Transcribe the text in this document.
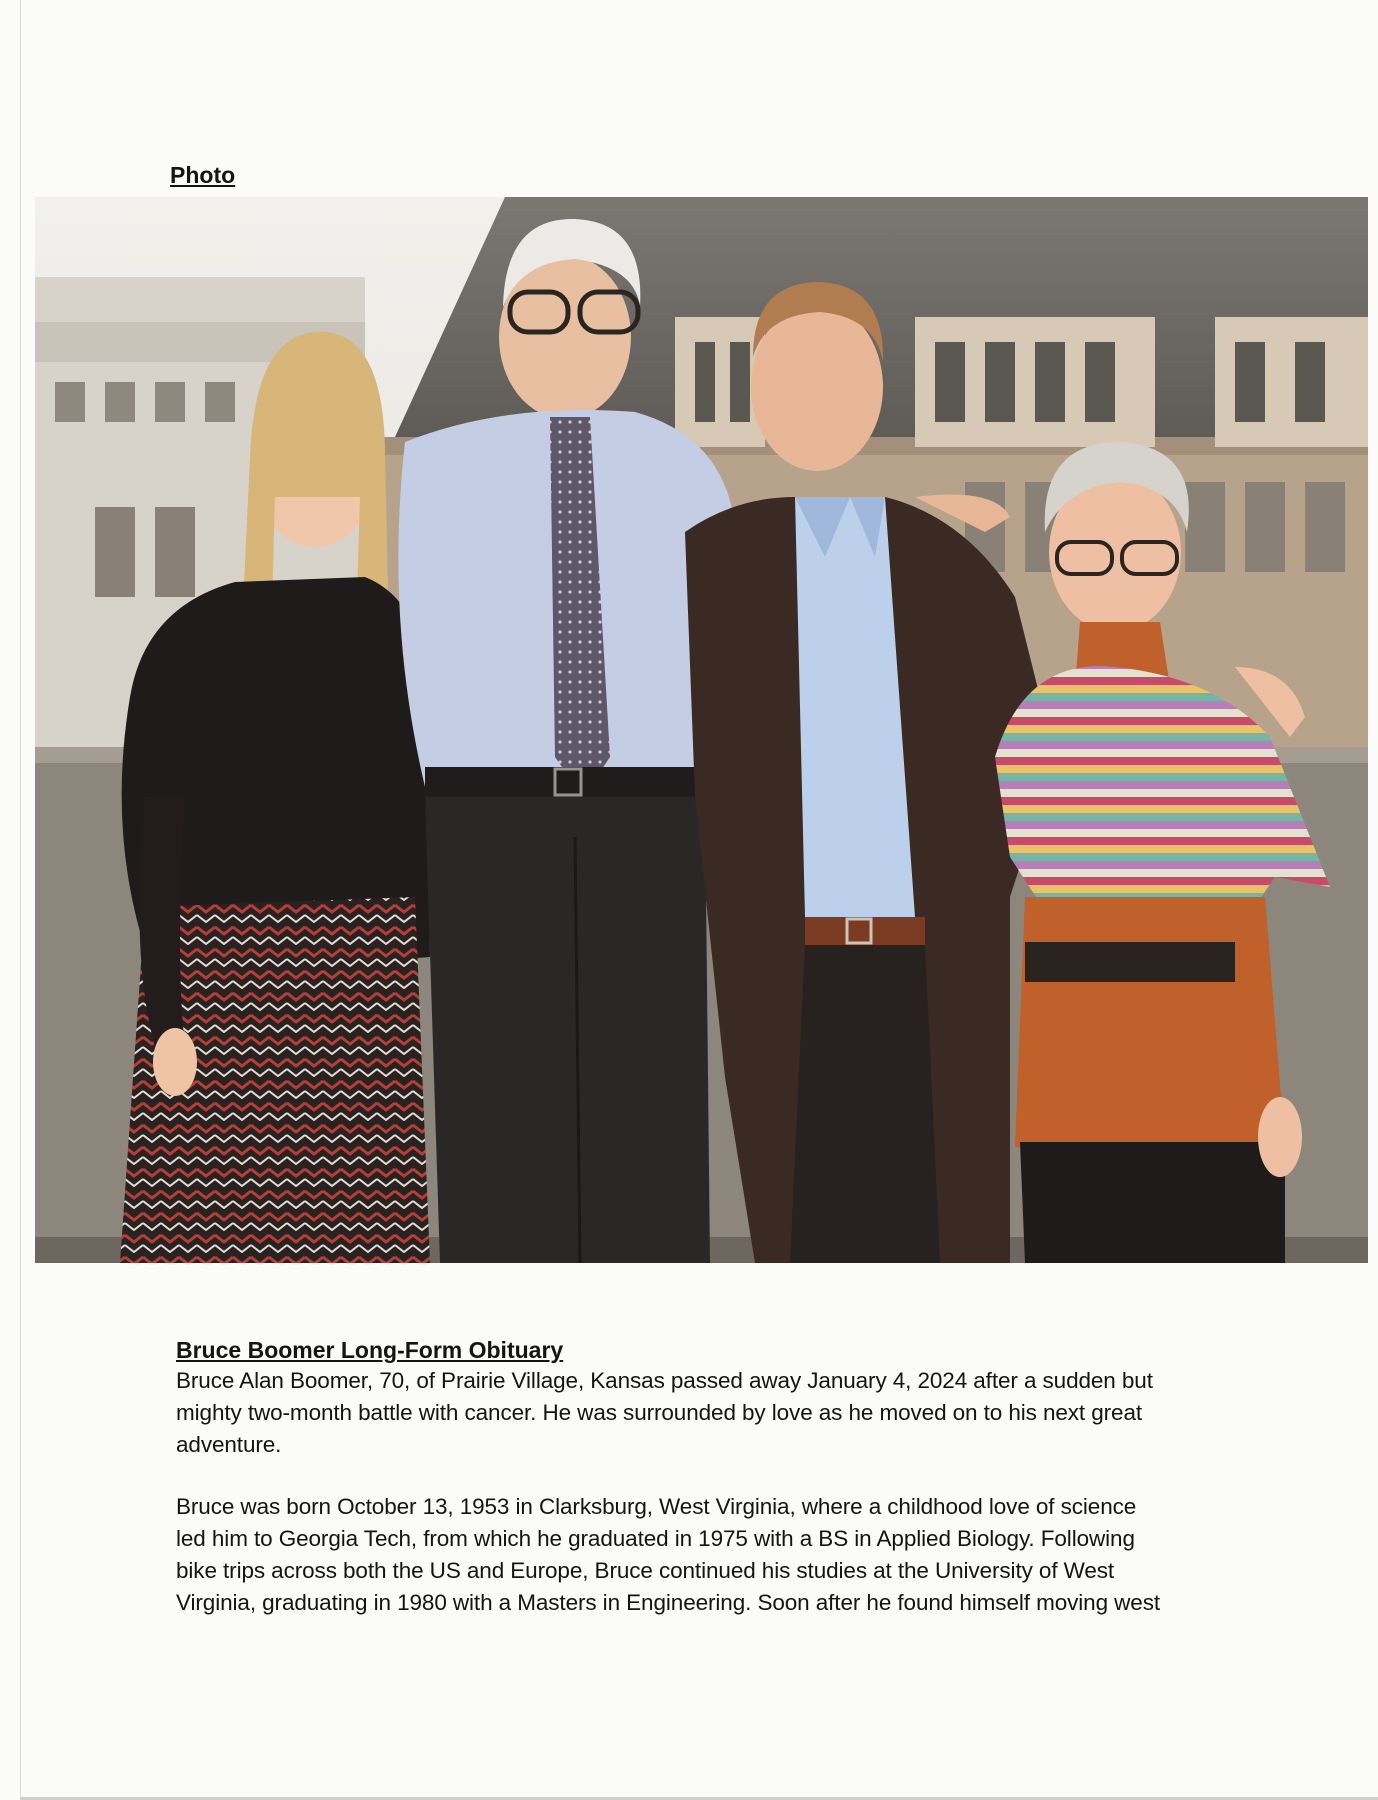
Photo
Bruce Boomer Long-Form Obituary

Bruce Alan Boomer, 70, of Prairie Village, Kansas passed away January 4, 2024 after a sudden but

mighty two-month battle with cancer. He was surrounded by love as he moved on to his next great

adventure.

Bruce was born October 13, 1953 in Clarksburg, West Virginia, where a childhood love of science

led him to Georgia Tech, from which he graduated in 1975 with a BS in Applied Biology. Following

bike trips across both the US and Europe, Bruce continued his studies at the University of West

Virginia, graduating in 1980 with a Masters in Engineering. Soon after he found himself moving west
